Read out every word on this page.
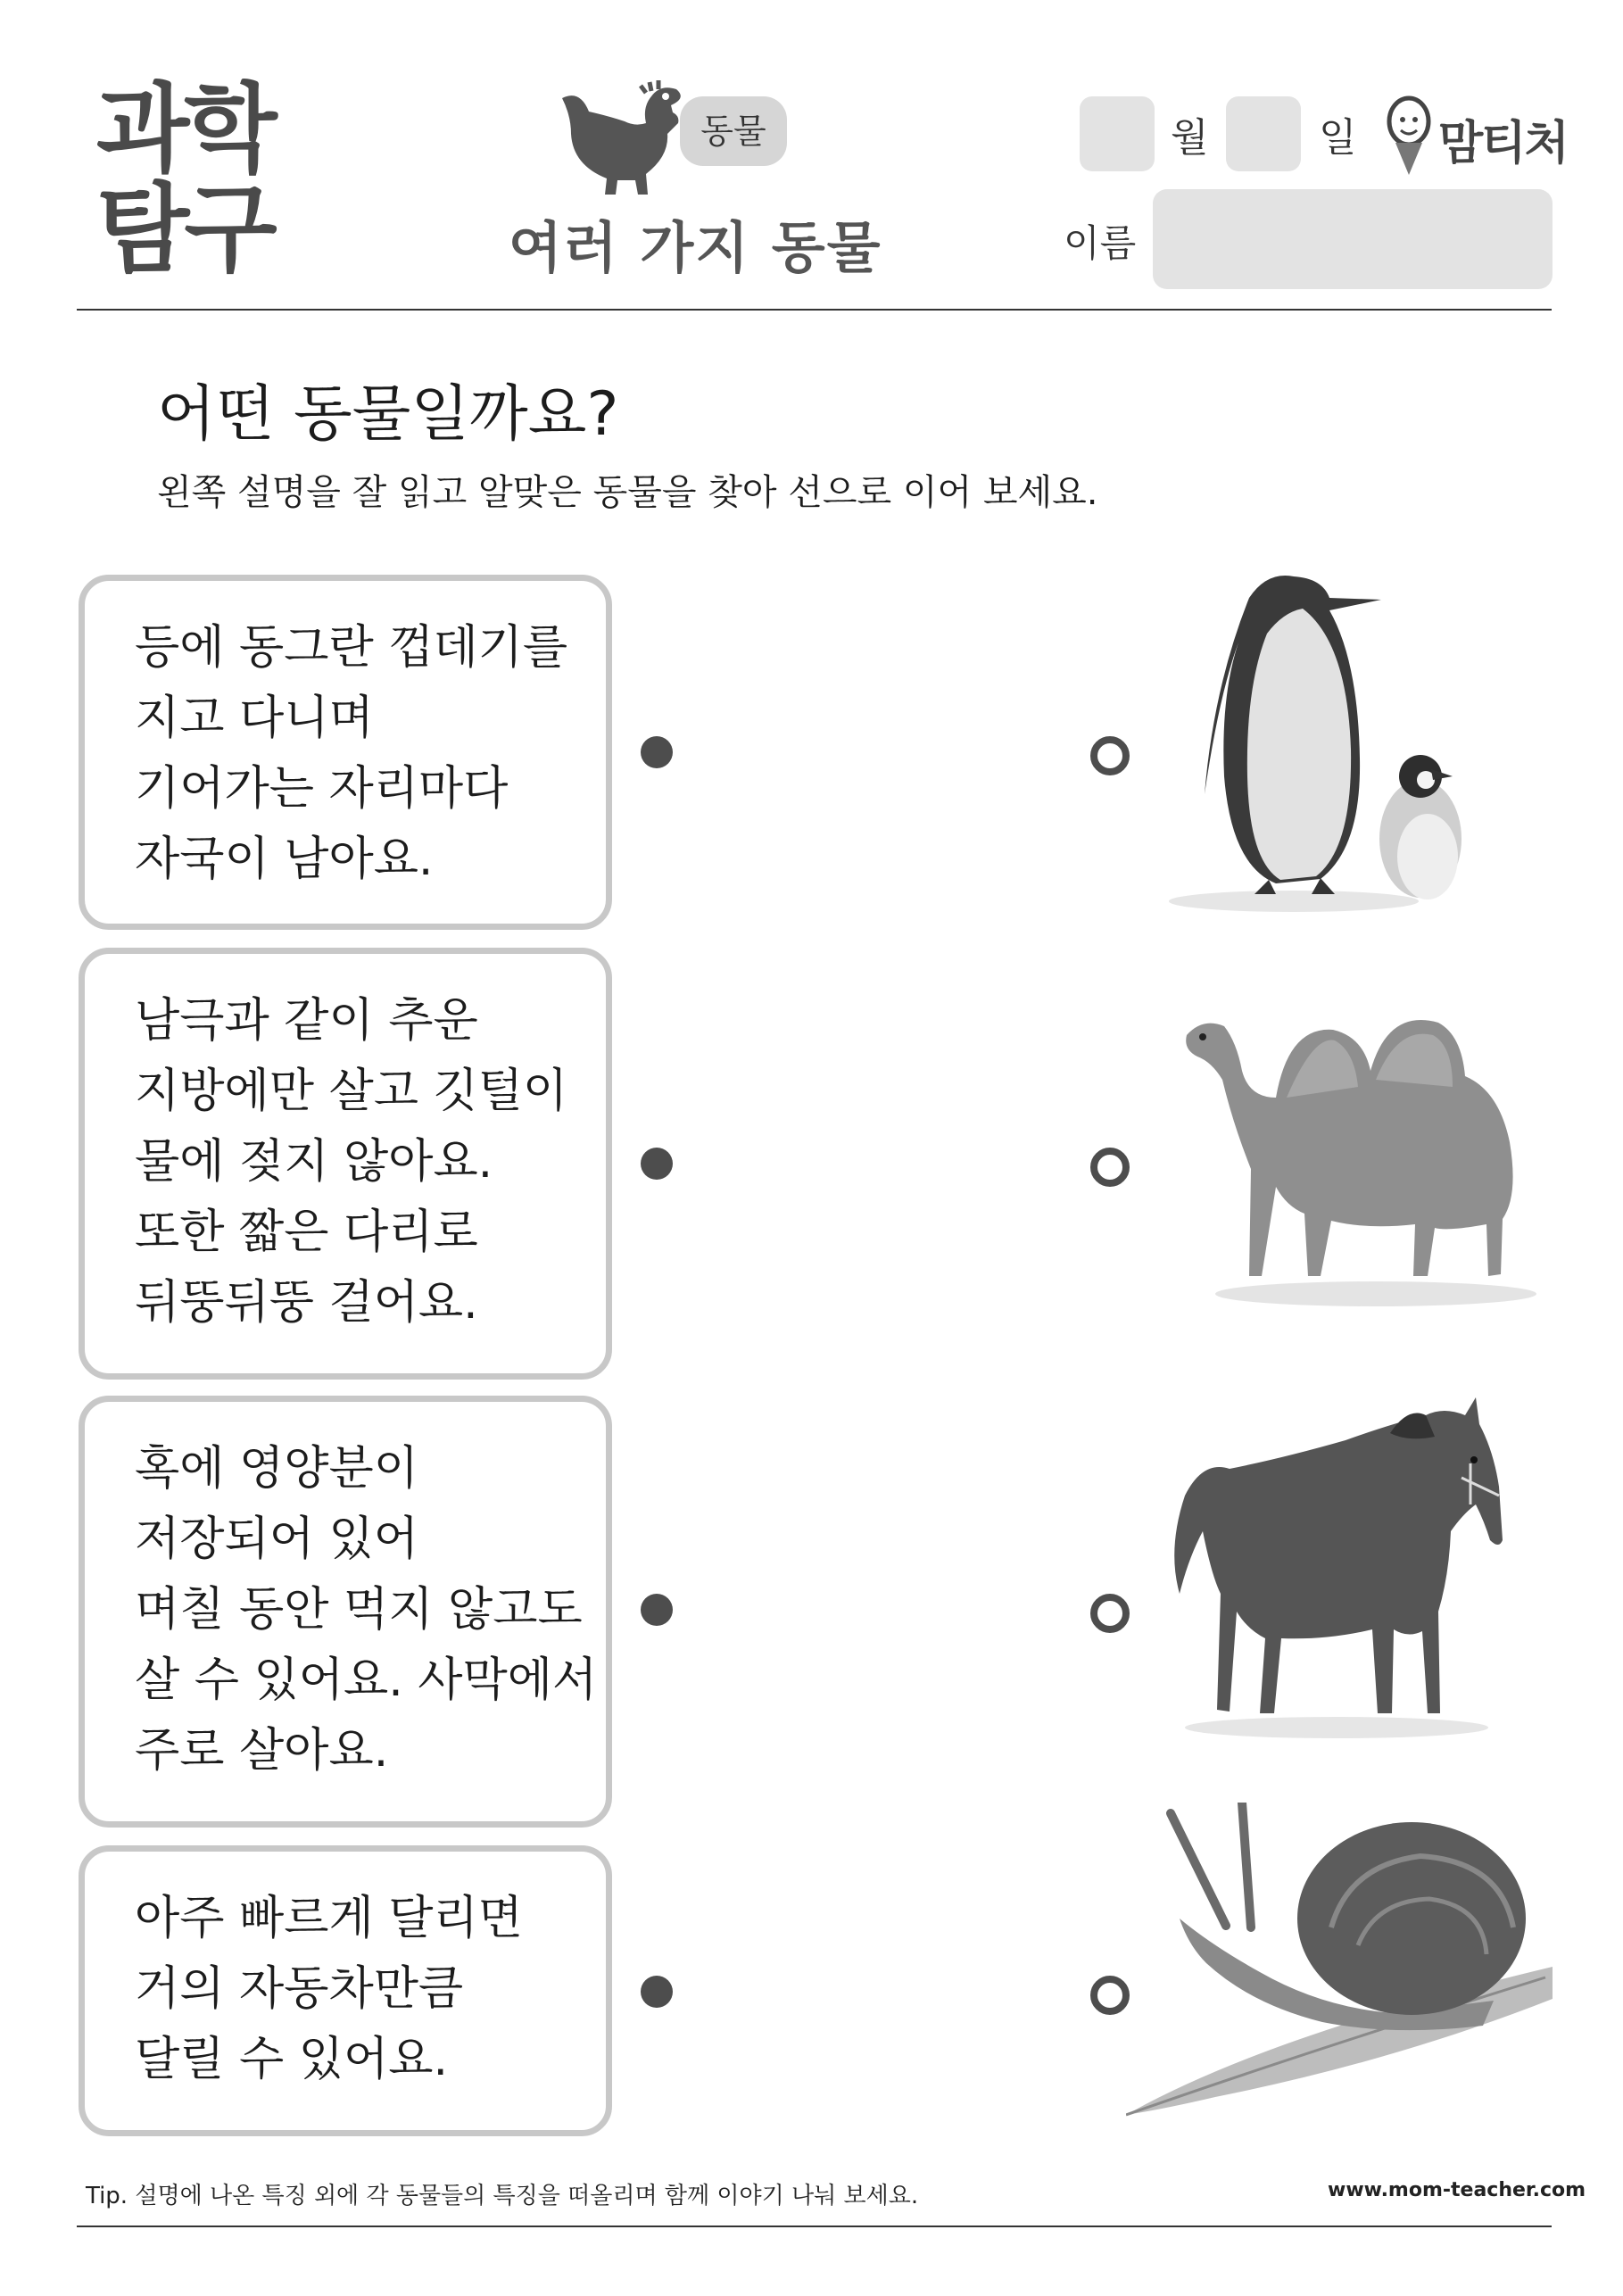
과학
탐구
동물
여러 가지 동물
월	일 맘티처
이름
어떤 동물일까요?
왼쪽 설명을 잘 읽고 알맞은 동물을 찾아 선으로 이어 보세요.
등에 동그란 껍데기를
지고 다니며
기어가는 자리마다
자국이 남아요.
남극과 같이 추운
지방에만 살고 깃털이
물에 젖지 않아요.
또한 짧은 다리로
뒤뚱뒤뚱 걸어요.
혹에 영양분이
저장되어 있어
며칠 동안 먹지 않고도
살 수 있어요. 사막에서
주로 살아요.
아주 빠르게 달리면
거의 자동차만큼
달릴 수 있어요.
Tip. 설명에 나온 특징 외에 각 동물들의 특징을 떠올리며 함께 이야기 나눠 보세요.	www.mom-teacher.com
